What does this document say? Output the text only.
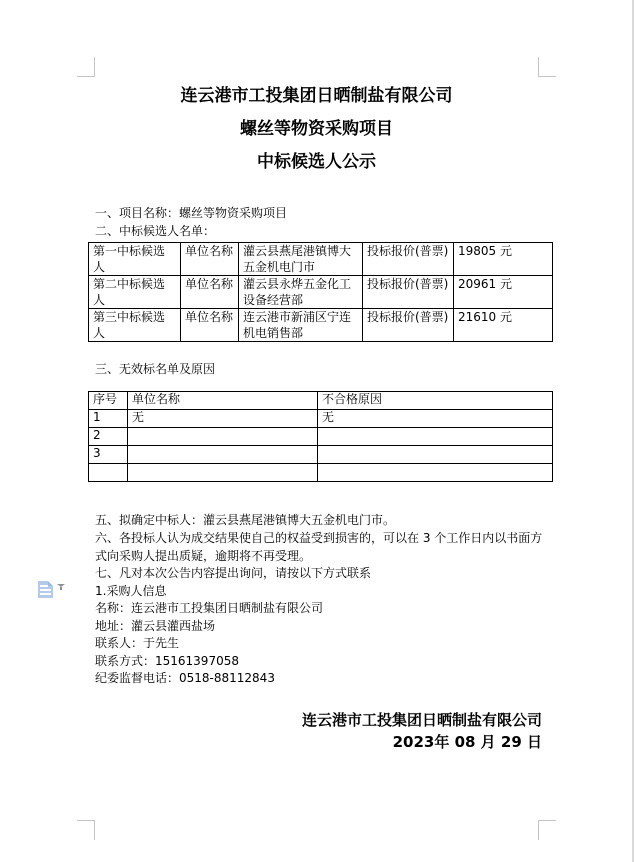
连云港市工投集团日晒制盐有限公司
螺丝等物资采购项目
中标候选人公示
一、项目名称：螺丝等物资采购项目
二、中标候选人名单：
第一中标候选人	单位名称	灌云县燕尾港镇博大五金机电门市	投标报价(普票)	19805 元
第二中标候选人	单位名称	灌云县永烨五金化工设备经营部	投标报价(普票)	20961 元
第三中标候选人	单位名称	连云港市新浦区宁连机电销售部	投标报价(普票)	21610 元
三、无效标名单及原因
序号	单位名称	不合格原因
1	无	无
2		
3		

五、拟确定中标人：灌云县燕尾港镇博大五金机电门市。
六、各投标人认为成交结果使自己的权益受到损害的，可以在 3 个工作日内以书面方式向采购人提出质疑，逾期将不再受理。
七、凡对本次公告内容提出询问，请按以下方式联系
1.采购人信息
名称：连云港市工投集团日晒制盐有限公司
地址：灌云县灌西盐场
联系人：于先生
联系方式：15161397058
纪委监督电话：0518-88112843
连云港市工投集团日晒制盐有限公司
2023年 08 月 29 日
